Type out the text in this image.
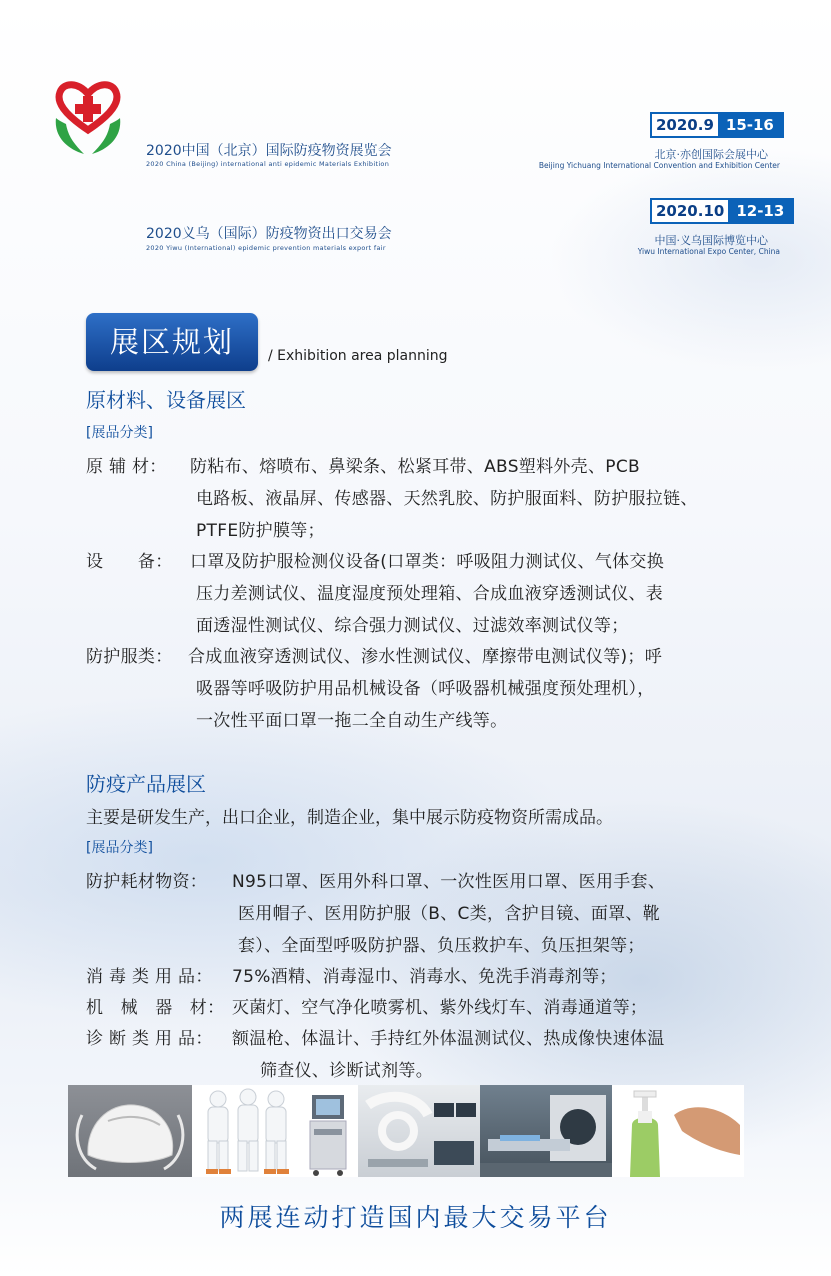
2020中国（北京）国际防疫物资展览会
2020 China (Beijing) international anti epidemic Materials Exhibition
2020义乌（国际）防疫物资出口交易会
2020 Yiwu (International) epidemic prevention materials export fair
2020.9 15-16
北京·亦创国际会展中心
Beijing Yichuang International Convention and Exhibition Center
2020.10 12-13
中国·义乌国际博览中心
Yiwu International Expo Center, China
展区规划	/ Exhibition area planning
原材料、设备展区
[展品分类]
原 辅 材： 防粘布、熔喷布、鼻梁条、松紧耳带、ABS塑料外壳、PCB
电路板、液晶屏、传感器、天然乳胶、防护服面料、防护服拉链、
PTFE防护膜等；
设　　备： 口罩及防护服检测仪设备(口罩类：呼吸阻力测试仪、气体交换
压力差测试仪、温度湿度预处理箱、合成血液穿透测试仪、表
面透湿性测试仪、综合强力测试仪、过滤效率测试仪等；
防护服类： 合成血液穿透测试仪、渗水性测试仪、摩擦带电测试仪等)；呼
吸器等呼吸防护用品机械设备（呼吸器机械强度预处理机），
一次性平面口罩一拖二全自动生产线等。
防疫产品展区
主要是研发生产，出口企业，制造企业，集中展示防疫物资所需成品。
[展品分类]
防护耗材物资： N95口罩、医用外科口罩、一次性医用口罩、医用手套、
医用帽子、医用防护服（B、C类，含护目镜、面罩、靴
套）、全面型呼吸防护器、负压救护车、负压担架等；
消 毒 类 用 品： 75%酒精、消毒湿巾、消毒水、免洗手消毒剂等；
机　械　器　材： 灭菌灯、空气净化喷雾机、紫外线灯车、消毒通道等；
诊 断 类 用 品： 额温枪、体温计、手持红外体温测试仪、热成像快速体温
筛查仪、诊断试剂等。
两展连动打造国内最大交易平台
